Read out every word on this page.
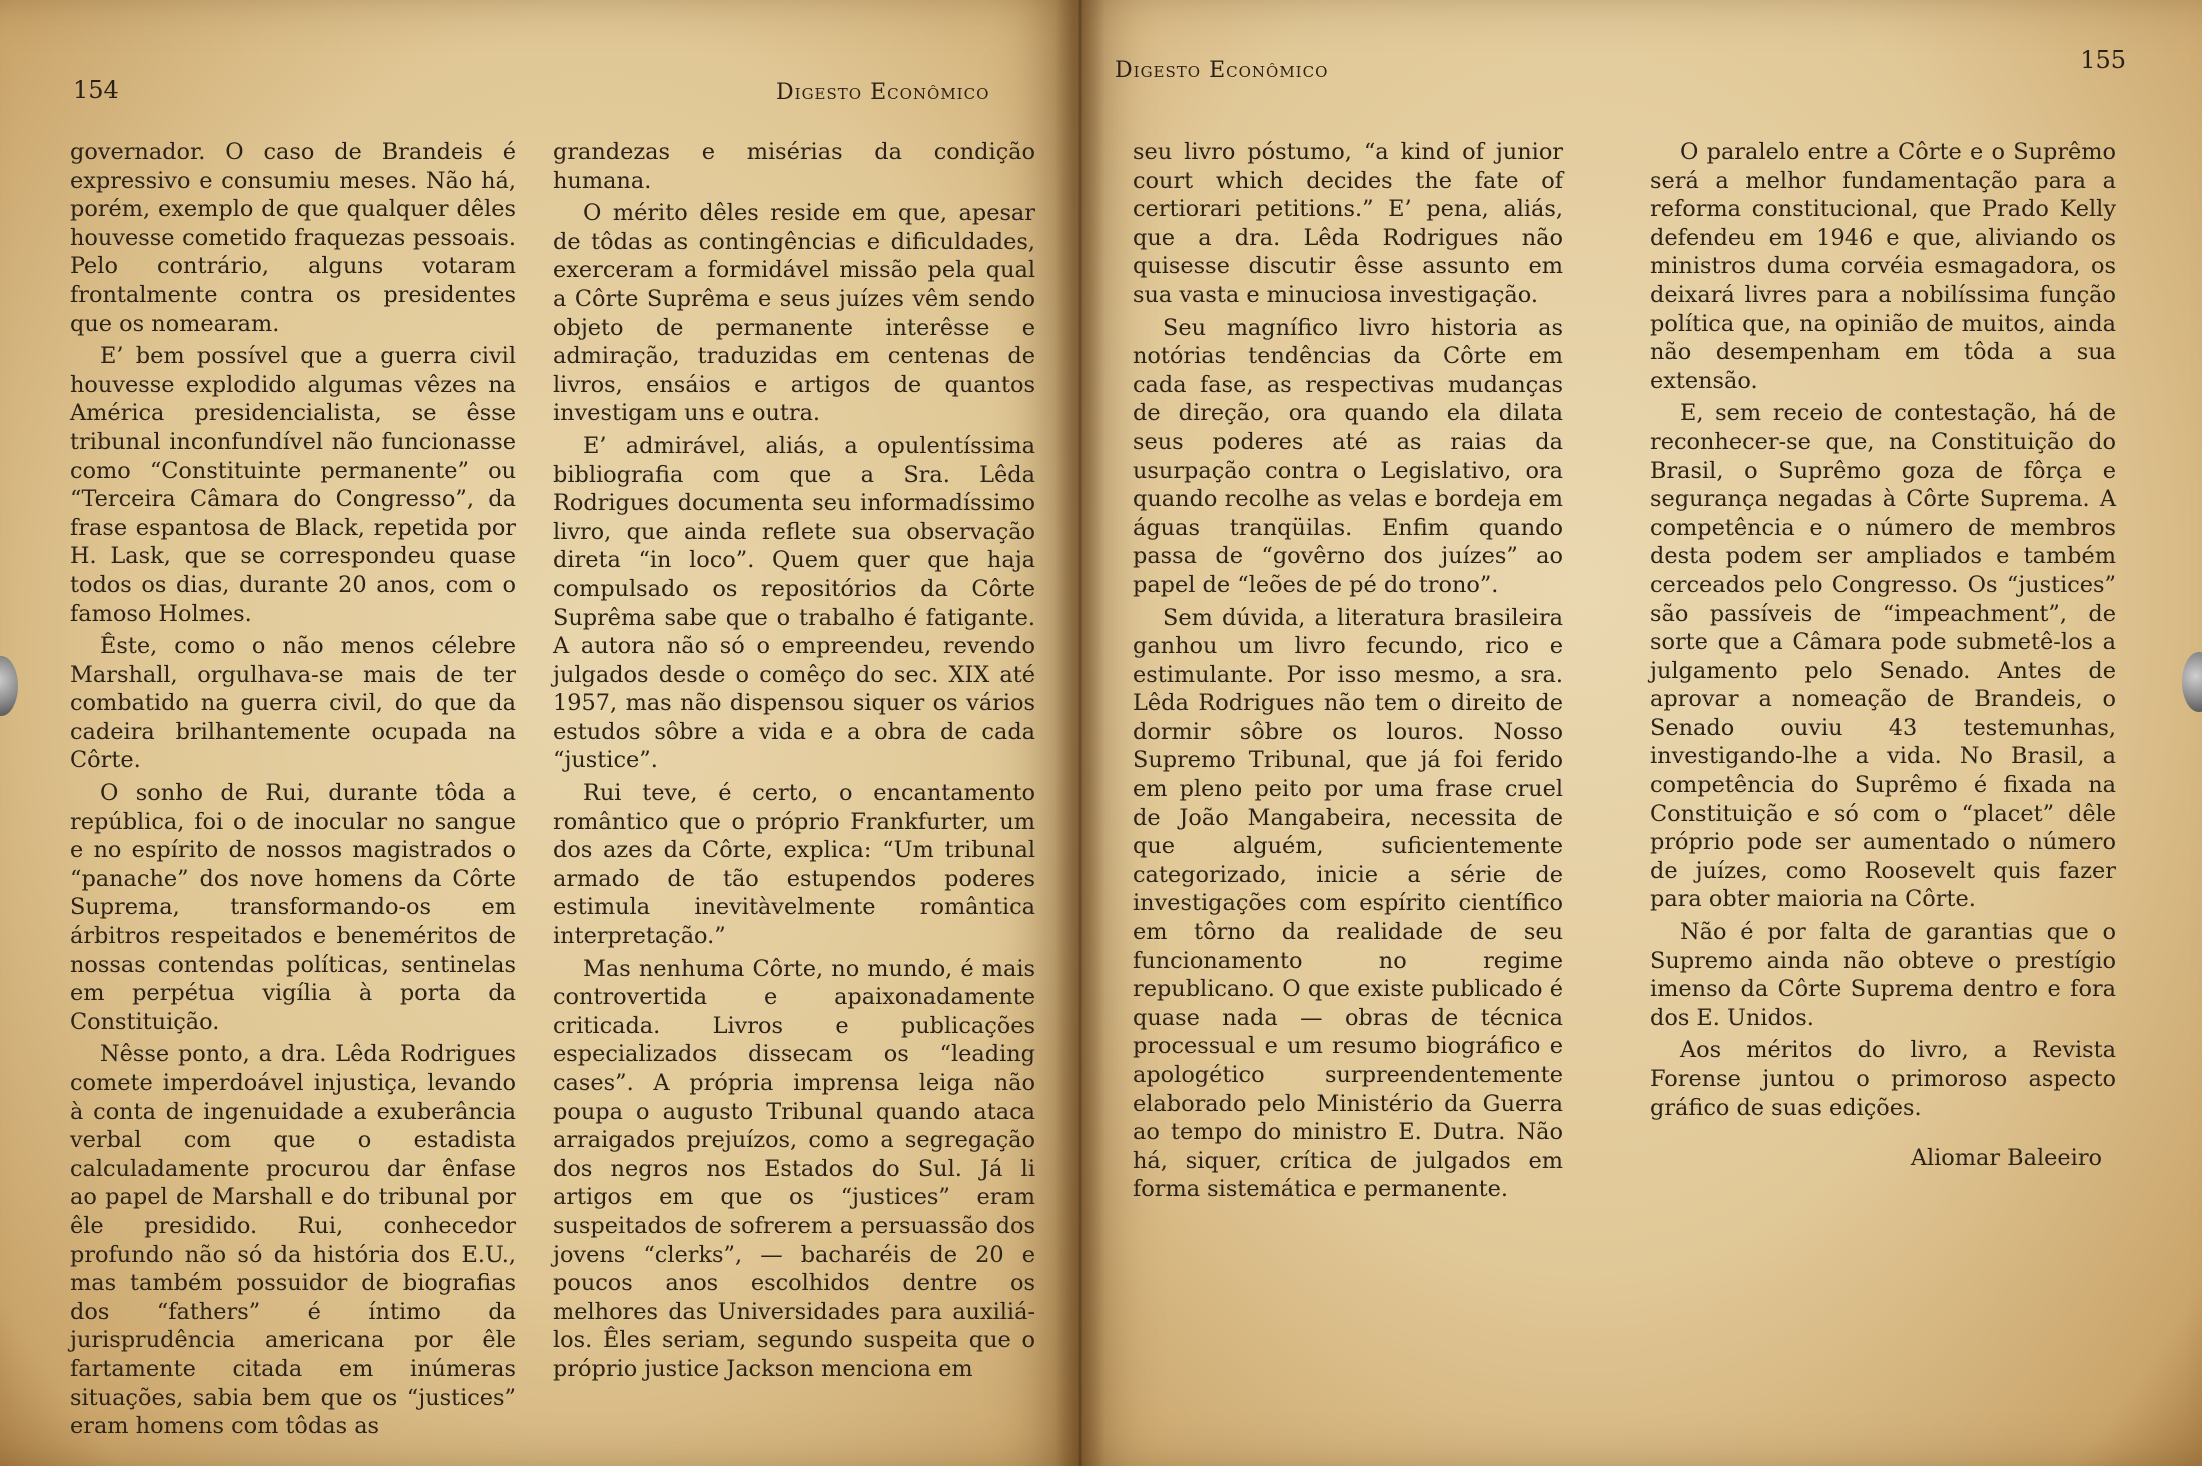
154	Digesto Econômico

governador. O caso de Brandeis é expressivo e consumiu meses. Não há, porém, exemplo de que qualquer dêles houvesse cometido fraquezas pessoais. Pelo contrário, alguns votaram frontalmente contra os presidentes que os nomearam.

E’ bem possível que a guerra civil houvesse explodido algumas vêzes na América presidencialista, se êsse tribunal inconfundível não funcionasse como “Constituinte permanente” ou “Terceira Câmara do Congresso”, da frase espantosa de Black, repetida por H. Lask, que se correspondeu quase todos os dias, durante 20 anos, com o famoso Holmes.

Êste, como o não menos célebre Marshall, orgulhava-se mais de ter combatido na guerra civil, do que da cadeira brilhantemente ocupada na Côrte.

O sonho de Rui, durante tôda a república, foi o de inocular no sangue e no espírito de nossos magistrados o “panache” dos nove homens da Côrte Suprema, transformando-os em árbitros respeitados e beneméritos de nossas contendas políticas, sentinelas em perpétua vigília à porta da Constituição.

Nêsse ponto, a dra. Lêda Rodrigues comete imperdoável injustiça, levando à conta de ingenuidade a exuberância verbal com que o estadista calculadamente procurou dar ênfase ao papel de Marshall e do tribunal por êle presidido. Rui, conhecedor profundo não só da história dos E.U., mas também possuidor de biografias dos “fathers” é íntimo da jurisprudência americana por êle fartamente citada em inúmeras situações, sabia bem que os “justices” eram homens com tôdas as

grandezas e misérias da condição humana.

O mérito dêles reside em que, apesar de tôdas as contingências e dificuldades, exerceram a formidável missão pela qual a Côrte Suprêma e seus juízes vêm sendo objeto de permanente interêsse e admiração, traduzidas em centenas de livros, ensáios e artigos de quantos investigam uns e outra.

E’ admirável, aliás, a opulentíssima bibliografia com que a Sra. Lêda Rodrigues documenta seu informadíssimo livro, que ainda reflete sua observação direta “in loco”. Quem quer que haja compulsado os repositórios da Côrte Suprêma sabe que o trabalho é fatigante. A autora não só o empreendeu, revendo julgados desde o comêço do sec. XIX até 1957, mas não dispensou siquer os vários estudos sôbre a vida e a obra de cada “justice”.

Rui teve, é certo, o encantamento romântico que o próprio Frankfurter, um dos azes da Côrte, explica: “Um tribunal armado de tão estupendos poderes estimula inevitàvelmente romântica interpretação.”

Mas nenhuma Côrte, no mundo, é mais controvertida e apaixonadamente criticada. Livros e publicações especializados dissecam os “leading cases”. A própria imprensa leiga não poupa o augusto Tribunal quando ataca arraigados prejuízos, como a segregação dos negros nos Estados do Sul. Já li artigos em que os “justices” eram suspeitados de sofrerem a persuassão dos jovens “clerks”, — bacharéis de 20 e poucos anos escolhidos dentre os melhores das Universidades para auxiliá-los. Êles seriam, segundo suspeita que o próprio justice Jackson menciona em

Digesto Econômico	155

seu livro póstumo, “a kind of junior court which decides the fate of certiorari petitions.” E’ pena, aliás, que a dra. Lêda Rodrigues não quisesse discutir êsse assunto em sua vasta e minuciosa investigação.

Seu magnífico livro historia as notórias tendências da Côrte em cada fase, as respectivas mudanças de direção, ora quando ela dilata seus poderes até as raias da usurpação contra o Legislativo, ora quando recolhe as velas e bordeja em águas tranqüilas. Enfim quando passa de “govêrno dos juízes” ao papel de “leões de pé do trono”.

Sem dúvida, a literatura brasileira ganhou um livro fecundo, rico e estimulante. Por isso mesmo, a sra. Lêda Rodrigues não tem o direito de dormir sôbre os louros. Nosso Supremo Tribunal, que já foi ferido em pleno peito por uma frase cruel de João Mangabeira, necessita de que alguém, suficientemente categorizado, inicie a série de investigações com espírito científico em tôrno da realidade de seu funcionamento no regime republicano. O que existe publicado é quase nada — obras de técnica processual e um resumo biográfico e apologético surpreendentemente elaborado pelo Ministério da Guerra ao tempo do ministro E. Dutra. Não há, siquer, crítica de julgados em forma sistemática e permanente.

O paralelo entre a Côrte e o Suprêmo será a melhor fundamentação para a reforma constitucional, que Prado Kelly defendeu em 1946 e que, aliviando os ministros duma corvéia esmagadora, os deixará livres para a nobilíssima função política que, na opinião de muitos, ainda não desempenham em tôda a sua extensão.

E, sem receio de contestação, há de reconhecer-se que, na Constituição do Brasil, o Suprêmo goza de fôrça e segurança negadas à Côrte Suprema. A competência e o número de membros desta podem ser ampliados e também cerceados pelo Congresso. Os “justices” são passíveis de “impeachment”, de sorte que a Câmara pode submetê-los a julgamento pelo Senado. Antes de aprovar a nomeação de Brandeis, o Senado ouviu 43 testemunhas, investigando-lhe a vida. No Brasil, a competência do Suprêmo é fixada na Constituição e só com o “placet” dêle próprio pode ser aumentado o número de juízes, como Roosevelt quis fazer para obter maioria na Côrte.

Não é por falta de garantias que o Supremo ainda não obteve o prestígio imenso da Côrte Suprema dentro e fora dos E. Unidos.

Aos méritos do livro, a Revista Forense juntou o primoroso aspecto gráfico de suas edições.

Aliomar Baleeiro
